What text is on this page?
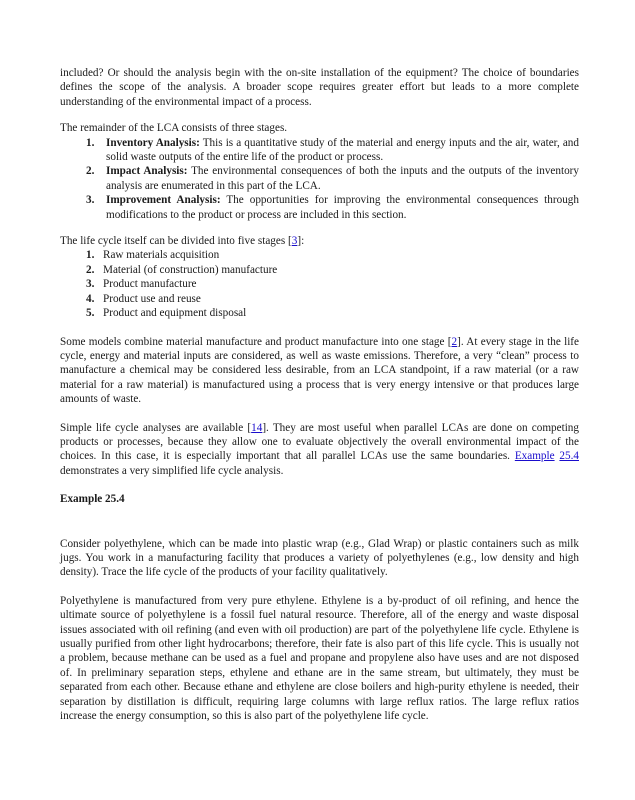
included? Or should the analysis begin with the on-site installation of the equipment? The choice of boundaries defines the scope of the analysis. A broader scope requires greater effort but leads to a more complete understanding of the environmental impact of a process.

The remainder of the LCA consists of three stages.

1.	Inventory Analysis: This is a quantitative study of the material and energy inputs and the air, water, and solid waste outputs of the entire life of the product or process.
2.	Impact Analysis: The environmental consequences of both the inputs and the outputs of the inventory analysis are enumerated in this part of the LCA.
3.	Improvement Analysis: The opportunities for improving the environmental consequences through modifications to the product or process are included in this section.

The life cycle itself can be divided into five stages [3]:

1. Raw materials acquisition
2. Material (of construction) manufacture
3. Product manufacture
4. Product use and reuse
5. Product and equipment disposal

Some models combine material manufacture and product manufacture into one stage [2]. At every stage in the life cycle, energy and material inputs are considered, as well as waste emissions. Therefore, a very “clean” process to manufacture a chemical may be considered less desirable, from an LCA standpoint, if a raw material (or a raw material for a raw material) is manufactured using a process that is very energy intensive or that produces large amounts of waste.

Simple life cycle analyses are available [14]. They are most useful when parallel LCAs are done on competing products or processes, because they allow one to evaluate objectively the overall environmental impact of the choices. In this case, it is especially important that all parallel LCAs use the same boundaries. Example 25.4 demonstrates a very simplified life cycle analysis.

Example 25.4

Consider polyethylene, which can be made into plastic wrap (e.g., Glad Wrap) or plastic containers such as milk jugs. You work in a manufacturing facility that produces a variety of polyethylenes (e.g., low density and high density). Trace the life cycle of the products of your facility qualitatively.

Polyethylene is manufactured from very pure ethylene. Ethylene is a by-product of oil refining, and hence the ultimate source of polyethylene is a fossil fuel natural resource. Therefore, all of the energy and waste disposal issues associated with oil refining (and even with oil production) are part of the polyethylene life cycle. Ethylene is usually purified from other light hydrocarbons; therefore, their fate is also part of this life cycle. This is usually not a problem, because methane can be used as a fuel and propane and propylene also have uses and are not disposed of. In preliminary separation steps, ethylene and ethane are in the same stream, but ultimately, they must be separated from each other. Because ethane and ethylene are close boilers and high-purity ethylene is needed, their separation by distillation is difficult, requiring large columns with large reflux ratios. The large reflux ratios increase the energy consumption, so this is also part of the polyethylene life cycle.
